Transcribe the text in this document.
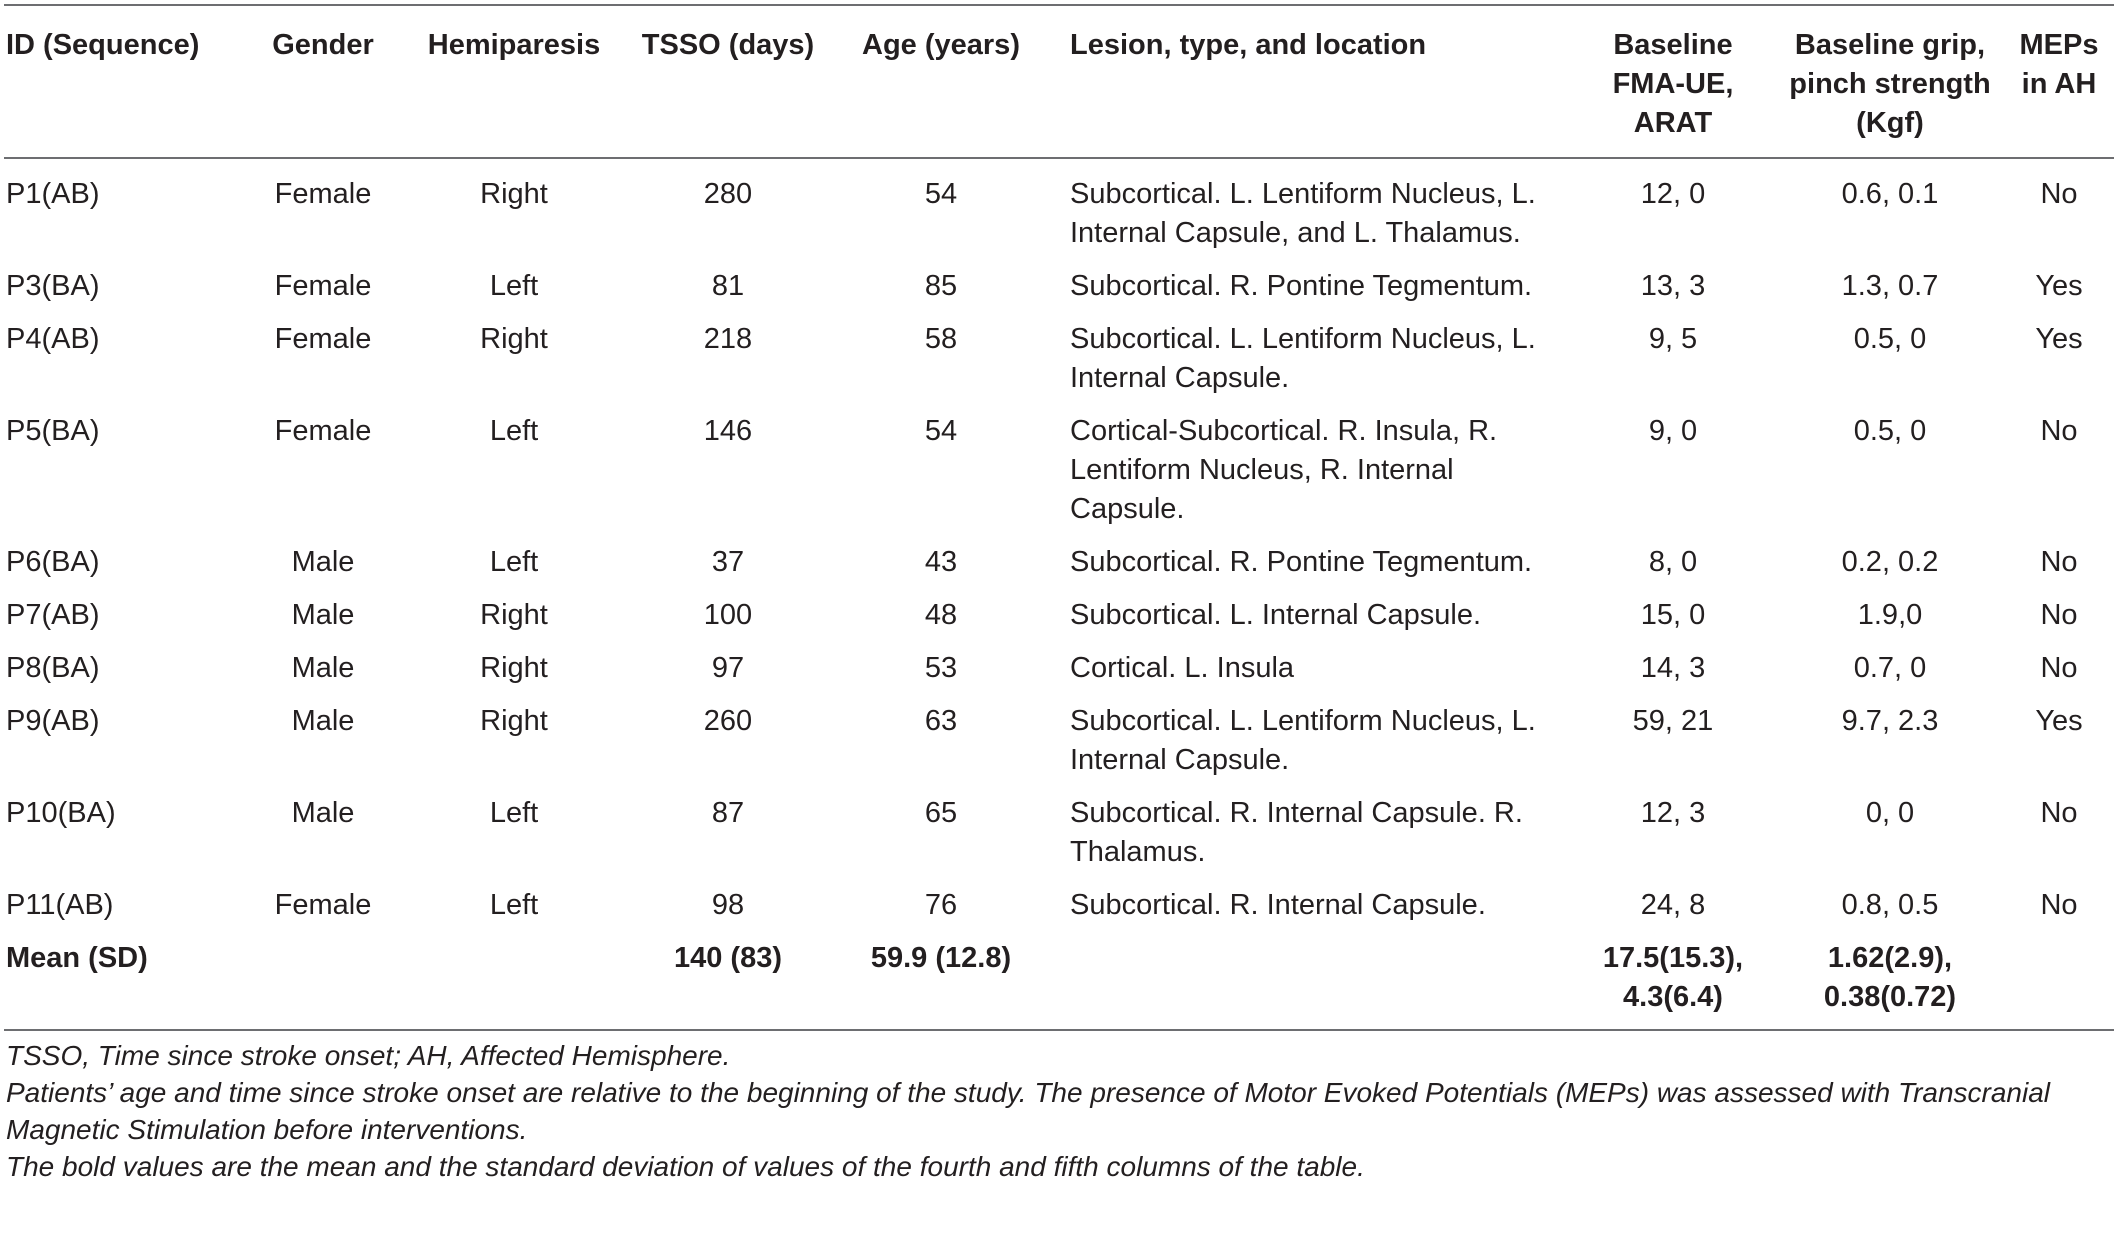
ID (Sequence)	Gender	Hemiparesis	TSSO (days)	Age (years)	Lesion, type, and location	Baseline FMA-UE, ARAT	Baseline grip, pinch strength (Kgf)	MEPs in AH
P1(AB)	Female	Right	280	54	Subcortical. L. Lentiform Nucleus, L. Internal Capsule, and L. Thalamus.	12, 0	0.6, 0.1	No
P3(BA)	Female	Left	81	85	Subcortical. R. Pontine Tegmentum.	13, 3	1.3, 0.7	Yes
P4(AB)	Female	Right	218	58	Subcortical. L. Lentiform Nucleus, L. Internal Capsule.	9, 5	0.5, 0	Yes
P5(BA)	Female	Left	146	54	Cortical-Subcortical. R. Insula, R. Lentiform Nucleus, R. Internal Capsule.	9, 0	0.5, 0	No
P6(BA)	Male	Left	37	43	Subcortical. R. Pontine Tegmentum.	8, 0	0.2, 0.2	No
P7(AB)	Male	Right	100	48	Subcortical. L. Internal Capsule.	15, 0	1.9,0	No
P8(BA)	Male	Right	97	53	Cortical. L. Insula	14, 3	0.7, 0	No
P9(AB)	Male	Right	260	63	Subcortical. L. Lentiform Nucleus, L. Internal Capsule.	59, 21	9.7, 2.3	Yes
P10(BA)	Male	Left	87	65	Subcortical. R. Internal Capsule. R. Thalamus.	12, 3	0, 0	No
P11(AB)	Female	Left	98	76	Subcortical. R. Internal Capsule.	24, 8	0.8, 0.5	No
Mean (SD)			140 (83)	59.9 (12.8)		17.5(15.3), 4.3(6.4)	1.62(2.9), 0.38(0.72)	

TSSO, Time since stroke onset; AH, Affected Hemisphere.

Patients’ age and time since stroke onset are relative to the beginning of the study. The presence of Motor Evoked Potentials (MEPs) was assessed with Transcranial Magnetic Stimulation before interventions.

The bold values are the mean and the standard deviation of values of the fourth and fifth columns of the table.
